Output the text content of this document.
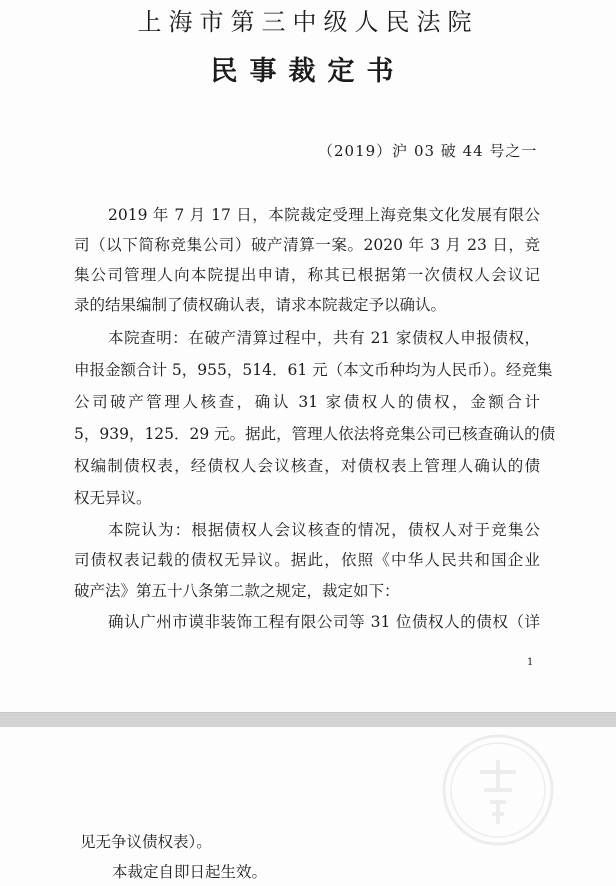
上海市第三中级人民法院
民事裁定书
（2019）沪 03 破 44 号之一
2019 年 7 月 17 日，本院裁定受理上海竞集文化发展有限公
司（以下简称竞集公司）破产清算一案。2020 年 3 月 23 日，竞
集公司管理人向本院提出申请，称其已根据第一次债权人会议记
录的结果编制了债权确认表，请求本院裁定予以确认。
本院查明：在破产清算过程中，共有 21 家债权人申报债权，
申报金额合计 5，955，514．61 元（本文币种均为人民币）。经竞集
公司破产管理人核查，确认 31 家债权人的债权，金额合计
5，939，125．29 元。据此，管理人依法将竞集公司已核查确认的债
权编制债权表，经债权人会议核查，对债权表上管理人确认的债
权无异议。
本院认为：根据债权人会议核查的情况，债权人对于竞集公
司债权表记载的债权无异议。据此，依照《中华人民共和国企业
破产法》第五十八条第二款之规定，裁定如下：
确认广州市谟非装饰工程有限公司等 31 位债权人的债权（详
1
见无争议债权表）。
本裁定自即日起生效。
